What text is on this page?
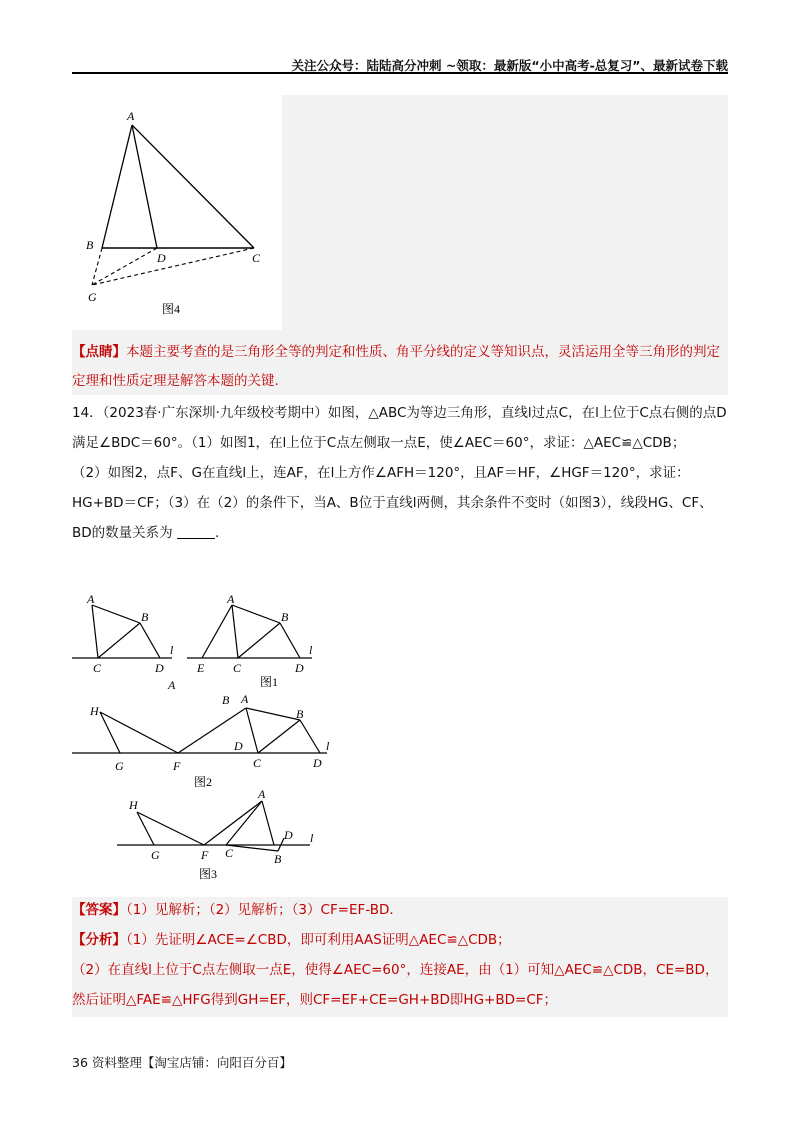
关注公众号：陆陆高分冲刺 ~领取：最新版“小中高考-总复习”、最新试卷下载
A
B
D	C
G
图4
【点睛】本题主要考查的是三角形全等的判定和性质、角平分线的定义等知识点，灵活运用全等三角形的判定定理和性质定理是解答本题的关键.

14．（2023春·广东深圳·九年级校考期中）如图，△ABC为等边三角形，直线l过点C，在l上位于C点右侧的点D满足∠BDC＝60°。（1）如图1，在l上位于C点左侧取一点E，使∠AEC＝60°，求证：△AEC≌△CDB；

（2）如图2，点F、G在直线l上，连AF，在l上方作∠AFH＝120°，且AF＝HF，∠HGF＝120°，求证：HG+BD＝CF；（3）在（2）的条件下，当A、B位于直线l两侧，其余条件不变时（如图3），线段HG、CF、BD的数量关系为	.

A
B
C	D
l
A
A
B
E C	D
l
图1
H
G	F
B A
B
D
C	D
l
图2
H
G	F C
A
D
B
l
图3

【答案】（1）见解析；（2）见解析；（3）CF=EF-BD.

【分析】（1）先证明∠ACE=∠CBD，即可利用AAS证明△AEC≌△CDB；

（2）在直线l上位于C点左侧取一点E，使得∠AEC=60°，连接AE，由（1）可知△AEC≌△CDB，CE=BD，然后证明△FAE≌△HFG得到GH=EF，则CF=EF+CE=GH+BD即HG+BD=CF；

36 资料整理【淘宝店铺：向阳百分百】
